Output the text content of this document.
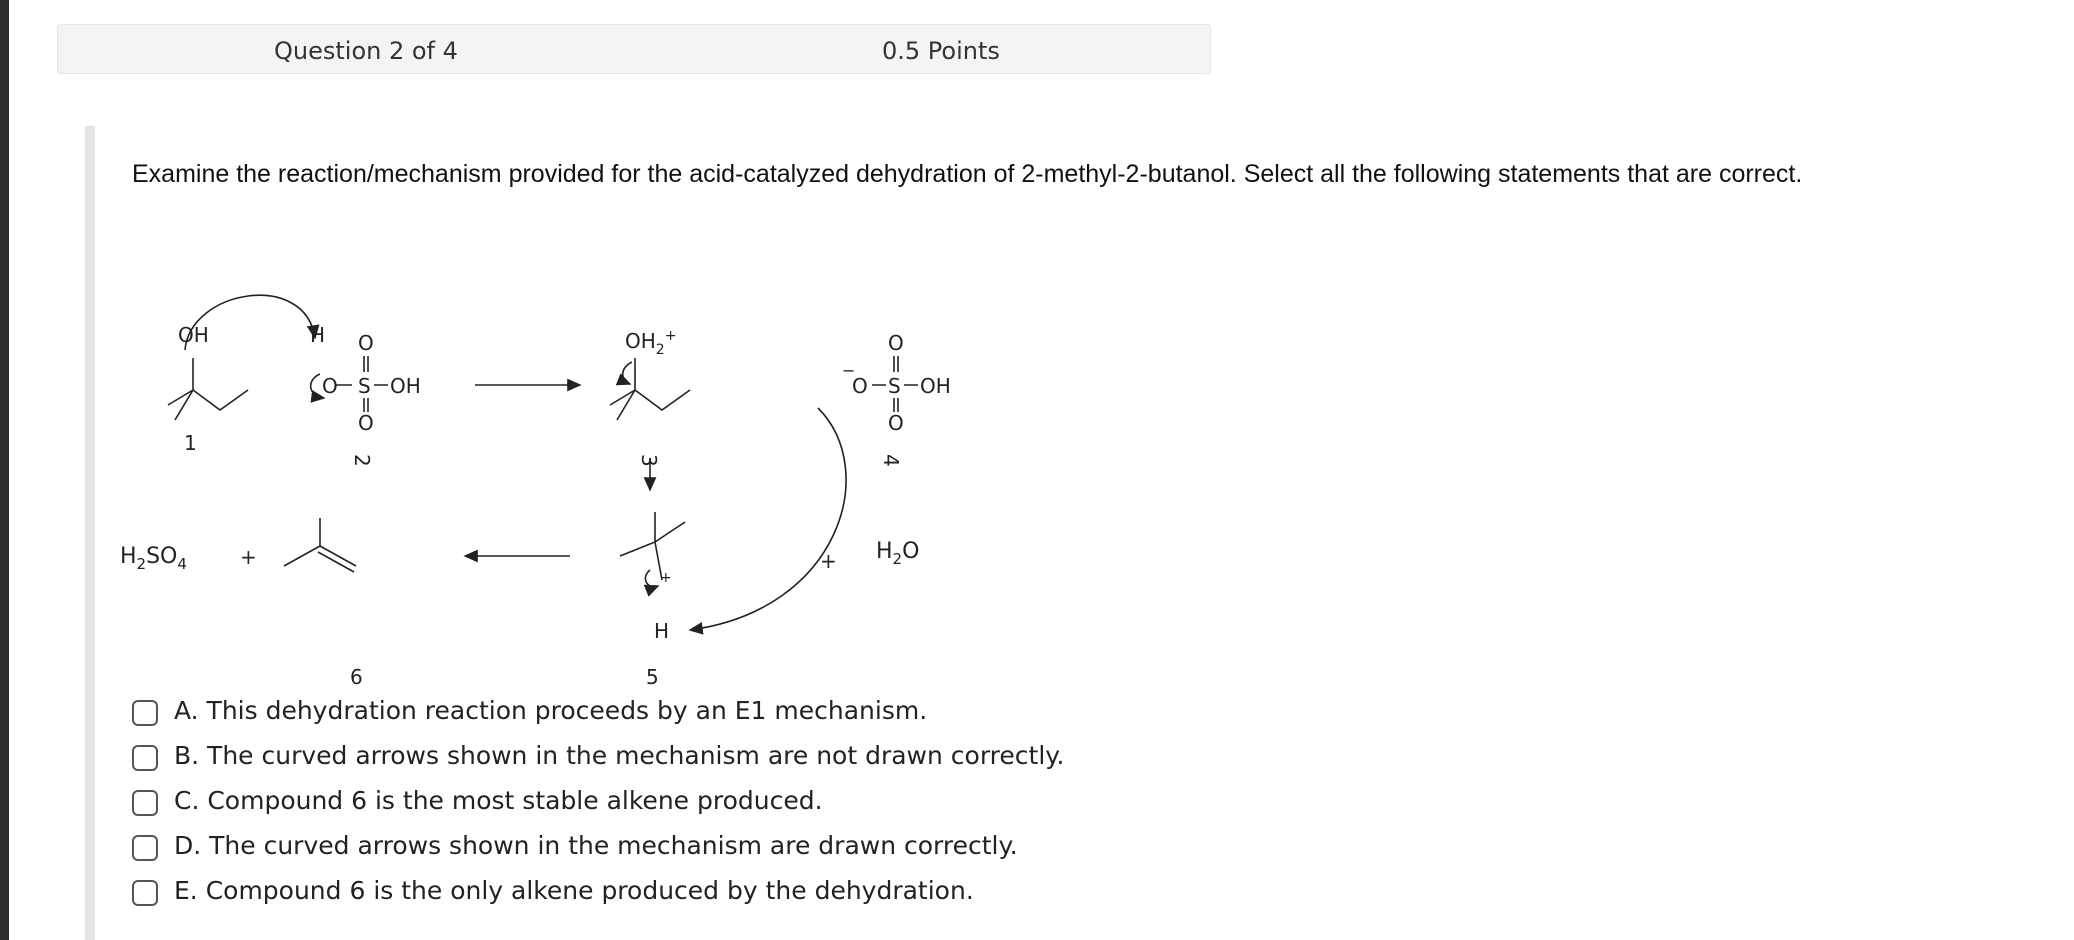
Question 2 of 4	0.5 Points
Examine the reaction/mechanism provided for the acid-catalyzed dehydration of 2-methyl-2-butanol. Select all the following statements that are correct.
OH
1
H O
O S OH
O
2
$OH_2^+$
3
−
O
O S OH
O
4
+
H
5
6
$H_2SO_4$	+	+ $H_2O$
A. This dehydration reaction proceeds by an E1 mechanism.
B. The curved arrows shown in the mechanism are not drawn correctly.
C. Compound 6 is the most stable alkene produced.
D. The curved arrows shown in the mechanism are drawn correctly.
E. Compound 6 is the only alkene produced by the dehydration.
